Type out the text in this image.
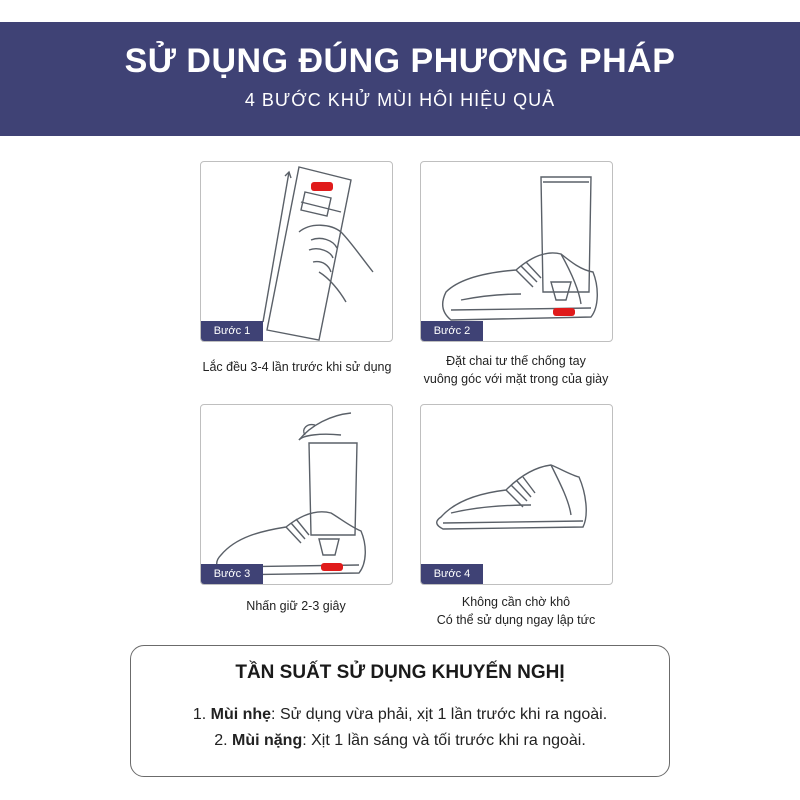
SỬ DỤNG ĐÚNG PHƯƠNG PHÁP
4 BƯỚC KHỬ MÙI HÔI HIỆU QUẢ
Bước 1
Lắc đều 3-4 lần trước khi sử dụng
Bước 2
Đặt chai tư thế chống tay
vuông góc với mặt trong của giày
Bước 3
Nhấn giữ 2-3 giây
Bước 4
Không cần chờ khô
Có thể sử dụng ngay lập tức
TẦN SUẤT SỬ DỤNG KHUYẾN NGHỊ
1. Mùi nhẹ: Sử dụng vừa phải, xịt 1 lần trước khi ra ngoài.
2. Mùi nặng: Xịt 1 lần sáng và tối trước khi ra ngoài.
